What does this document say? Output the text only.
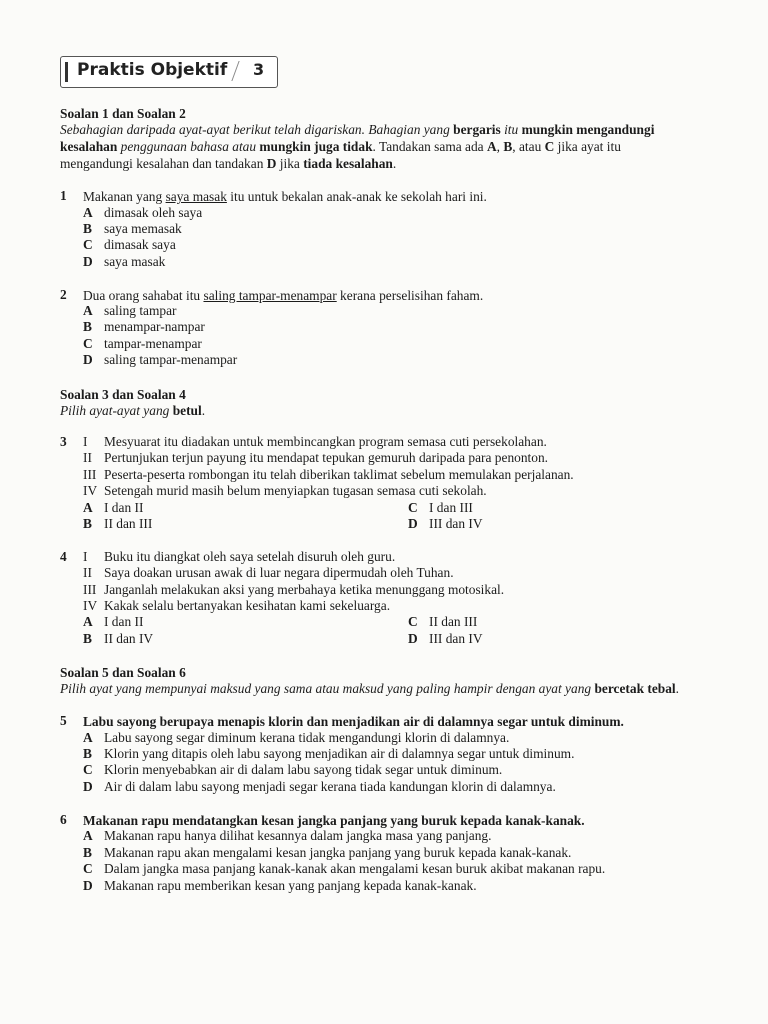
Praktis Objektif 3
Soalan 1 dan Soalan 2
Sebahagian daripada ayat-ayat berikut telah digariskan. Bahagian yang bergaris itu mungkin mengandungi
kesalahan penggunaan bahasa atau mungkin juga tidak. Tandakan sama ada A, B, atau C jika ayat itu
mengandungi kesalahan dan tandakan D jika tiada kesalahan.
1 Makanan yang saya masak itu untuk bekalan anak-anak ke sekolah hari ini.
A dimasak oleh saya
B saya memasak
C dimasak saya
D saya masak
2 Dua orang sahabat itu saling tampar-menampar kerana perselisihan faham.
A saling tampar
B menampar-nampar
C tampar-menampar
D saling tampar-menampar
Soalan 3 dan Soalan 4
Pilih ayat-ayat yang betul.
3 I Mesyuarat itu diadakan untuk membincangkan program semasa cuti persekolahan.
II Pertunjukan terjun payung itu mendapat tepukan gemuruh daripada para penonton.
III Peserta-peserta rombongan itu telah diberikan taklimat sebelum memulakan perjalanan.
IV Setengah murid masih belum menyiapkan tugasan semasa cuti sekolah.
A I dan II
B II dan III
C I dan III
D III dan IV
4 I Buku itu diangkat oleh saya setelah disuruh oleh guru.
II Saya doakan urusan awak di luar negara dipermudah oleh Tuhan.
III Janganlah melakukan aksi yang merbahaya ketika menunggang motosikal.
IV Kakak selalu bertanyakan kesihatan kami sekeluarga.
A I dan II
B II dan IV
C II dan III
D III dan IV
Soalan 5 dan Soalan 6
Pilih ayat yang mempunyai maksud yang sama atau maksud yang paling hampir dengan ayat yang bercetak tebal.
5 Labu sayong berupaya menapis klorin dan menjadikan air di dalamnya segar untuk diminum.
A Labu sayong segar diminum kerana tidak mengandungi klorin di dalamnya.
B Klorin yang ditapis oleh labu sayong menjadikan air di dalamnya segar untuk diminum.
C Klorin menyebabkan air di dalam labu sayong tidak segar untuk diminum.
D Air di dalam labu sayong menjadi segar kerana tiada kandungan klorin di dalamnya.
6 Makanan rapu mendatangkan kesan jangka panjang yang buruk kepada kanak-kanak.
A Makanan rapu hanya dilihat kesannya dalam jangka masa yang panjang.
B Makanan rapu akan mengalami kesan jangka panjang yang buruk kepada kanak-kanak.
C Dalam jangka masa panjang kanak-kanak akan mengalami kesan buruk akibat makanan rapu.
D Makanan rapu memberikan kesan yang panjang kepada kanak-kanak.
